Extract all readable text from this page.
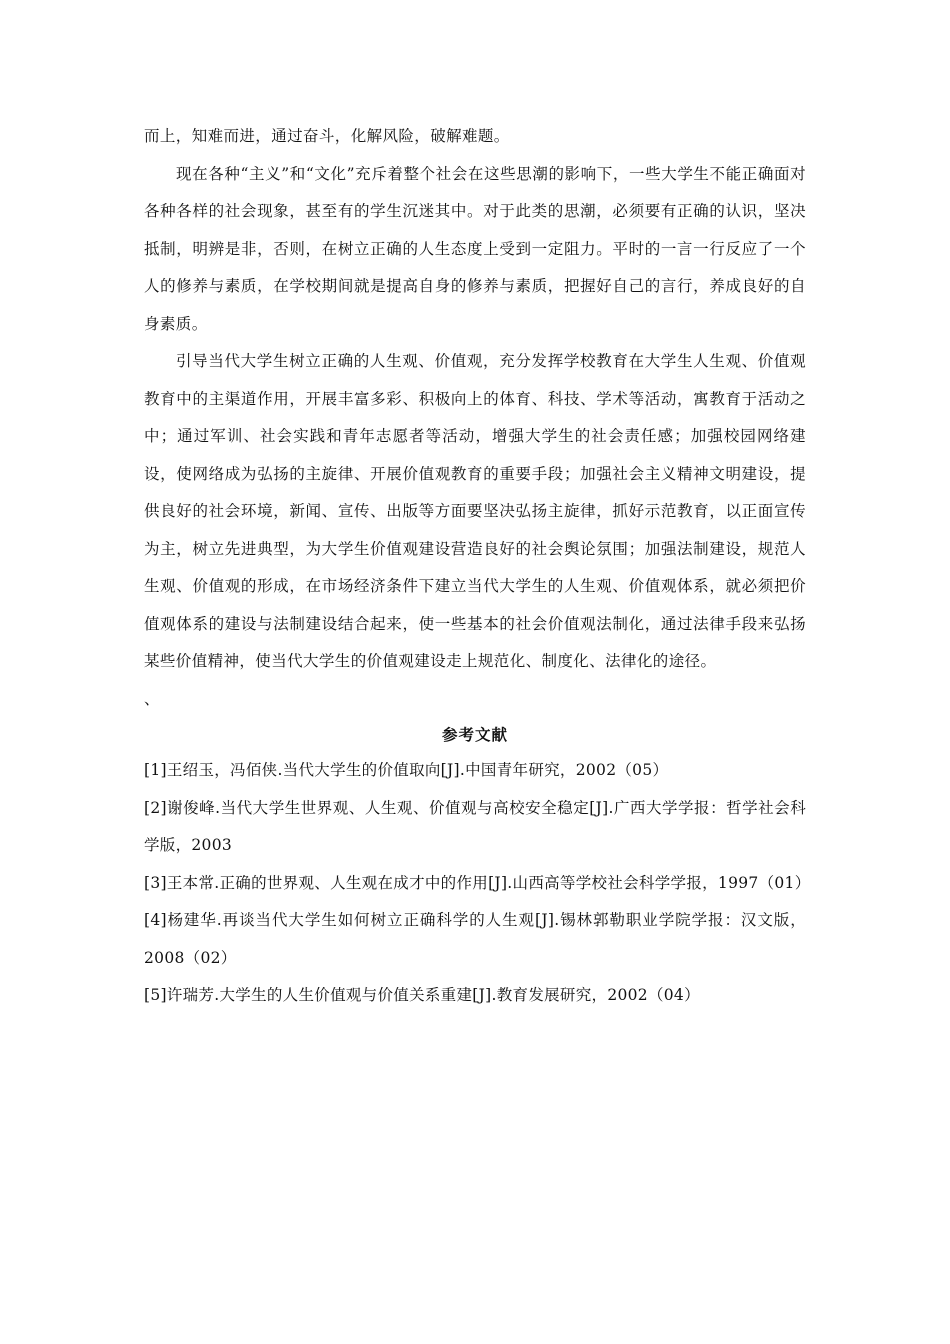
而上，知难而进，通过奋斗，化解风险，破解难题。

现在各种“主义”和“文化”充斥着整个社会在这些思潮的影响下，一些大学生不能正确面对各种各样的社会现象，甚至有的学生沉迷其中。对于此类的思潮，必须要有正确的认识，坚决抵制，明辨是非，否则，在树立正确的人生态度上受到一定阻力。平时的一言一行反应了一个人的修养与素质，在学校期间就是提高自身的修养与素质，把握好自己的言行，养成良好的自身素质。

引导当代大学生树立正确的人生观、价值观，充分发挥学校教育在大学生人生观、价值观教育中的主渠道作用，开展丰富多彩、积极向上的体育、科技、学术等活动，寓教育于活动之中；通过军训、社会实践和青年志愿者等活动，增强大学生的社会责任感；加强校园网络建设，使网络成为弘扬的主旋律、开展价值观教育的重要手段；加强社会主义精神文明建设，提供良好的社会环境，新闻、宣传、出版等方面要坚决弘扬主旋律，抓好示范教育，以正面宣传为主，树立先进典型，为大学生价值观建设营造良好的社会舆论氛围；加强法制建设，规范人生观、价值观的形成，在市场经济条件下建立当代大学生的人生观、价值观体系，就必须把价值观体系的建设与法制建设结合起来，使一些基本的社会价值观法制化，通过法律手段来弘扬某些价值精神，使当代大学生的价值观建设走上规范化、制度化、法律化的途径。

、

参考文献
[1]王绍玉，冯佰侠.当代大学生的价值取向[J].中国青年研究，2002（05）
[2]谢俊峰.当代大学生世界观、人生观、价值观与高校安全稳定[J].广西大学学报：哲学社会科学版，2003
[3]王本常.正确的世界观、人生观在成才中的作用[J].山西高等学校社会科学学报，1997（01）
[4]杨建华.再谈当代大学生如何树立正确科学的人生观[J].锡林郭勒职业学院学报：汉文版，2008（02）
[5]许瑞芳.大学生的人生价值观与价值关系重建[J].教育发展研究，2002（04）
